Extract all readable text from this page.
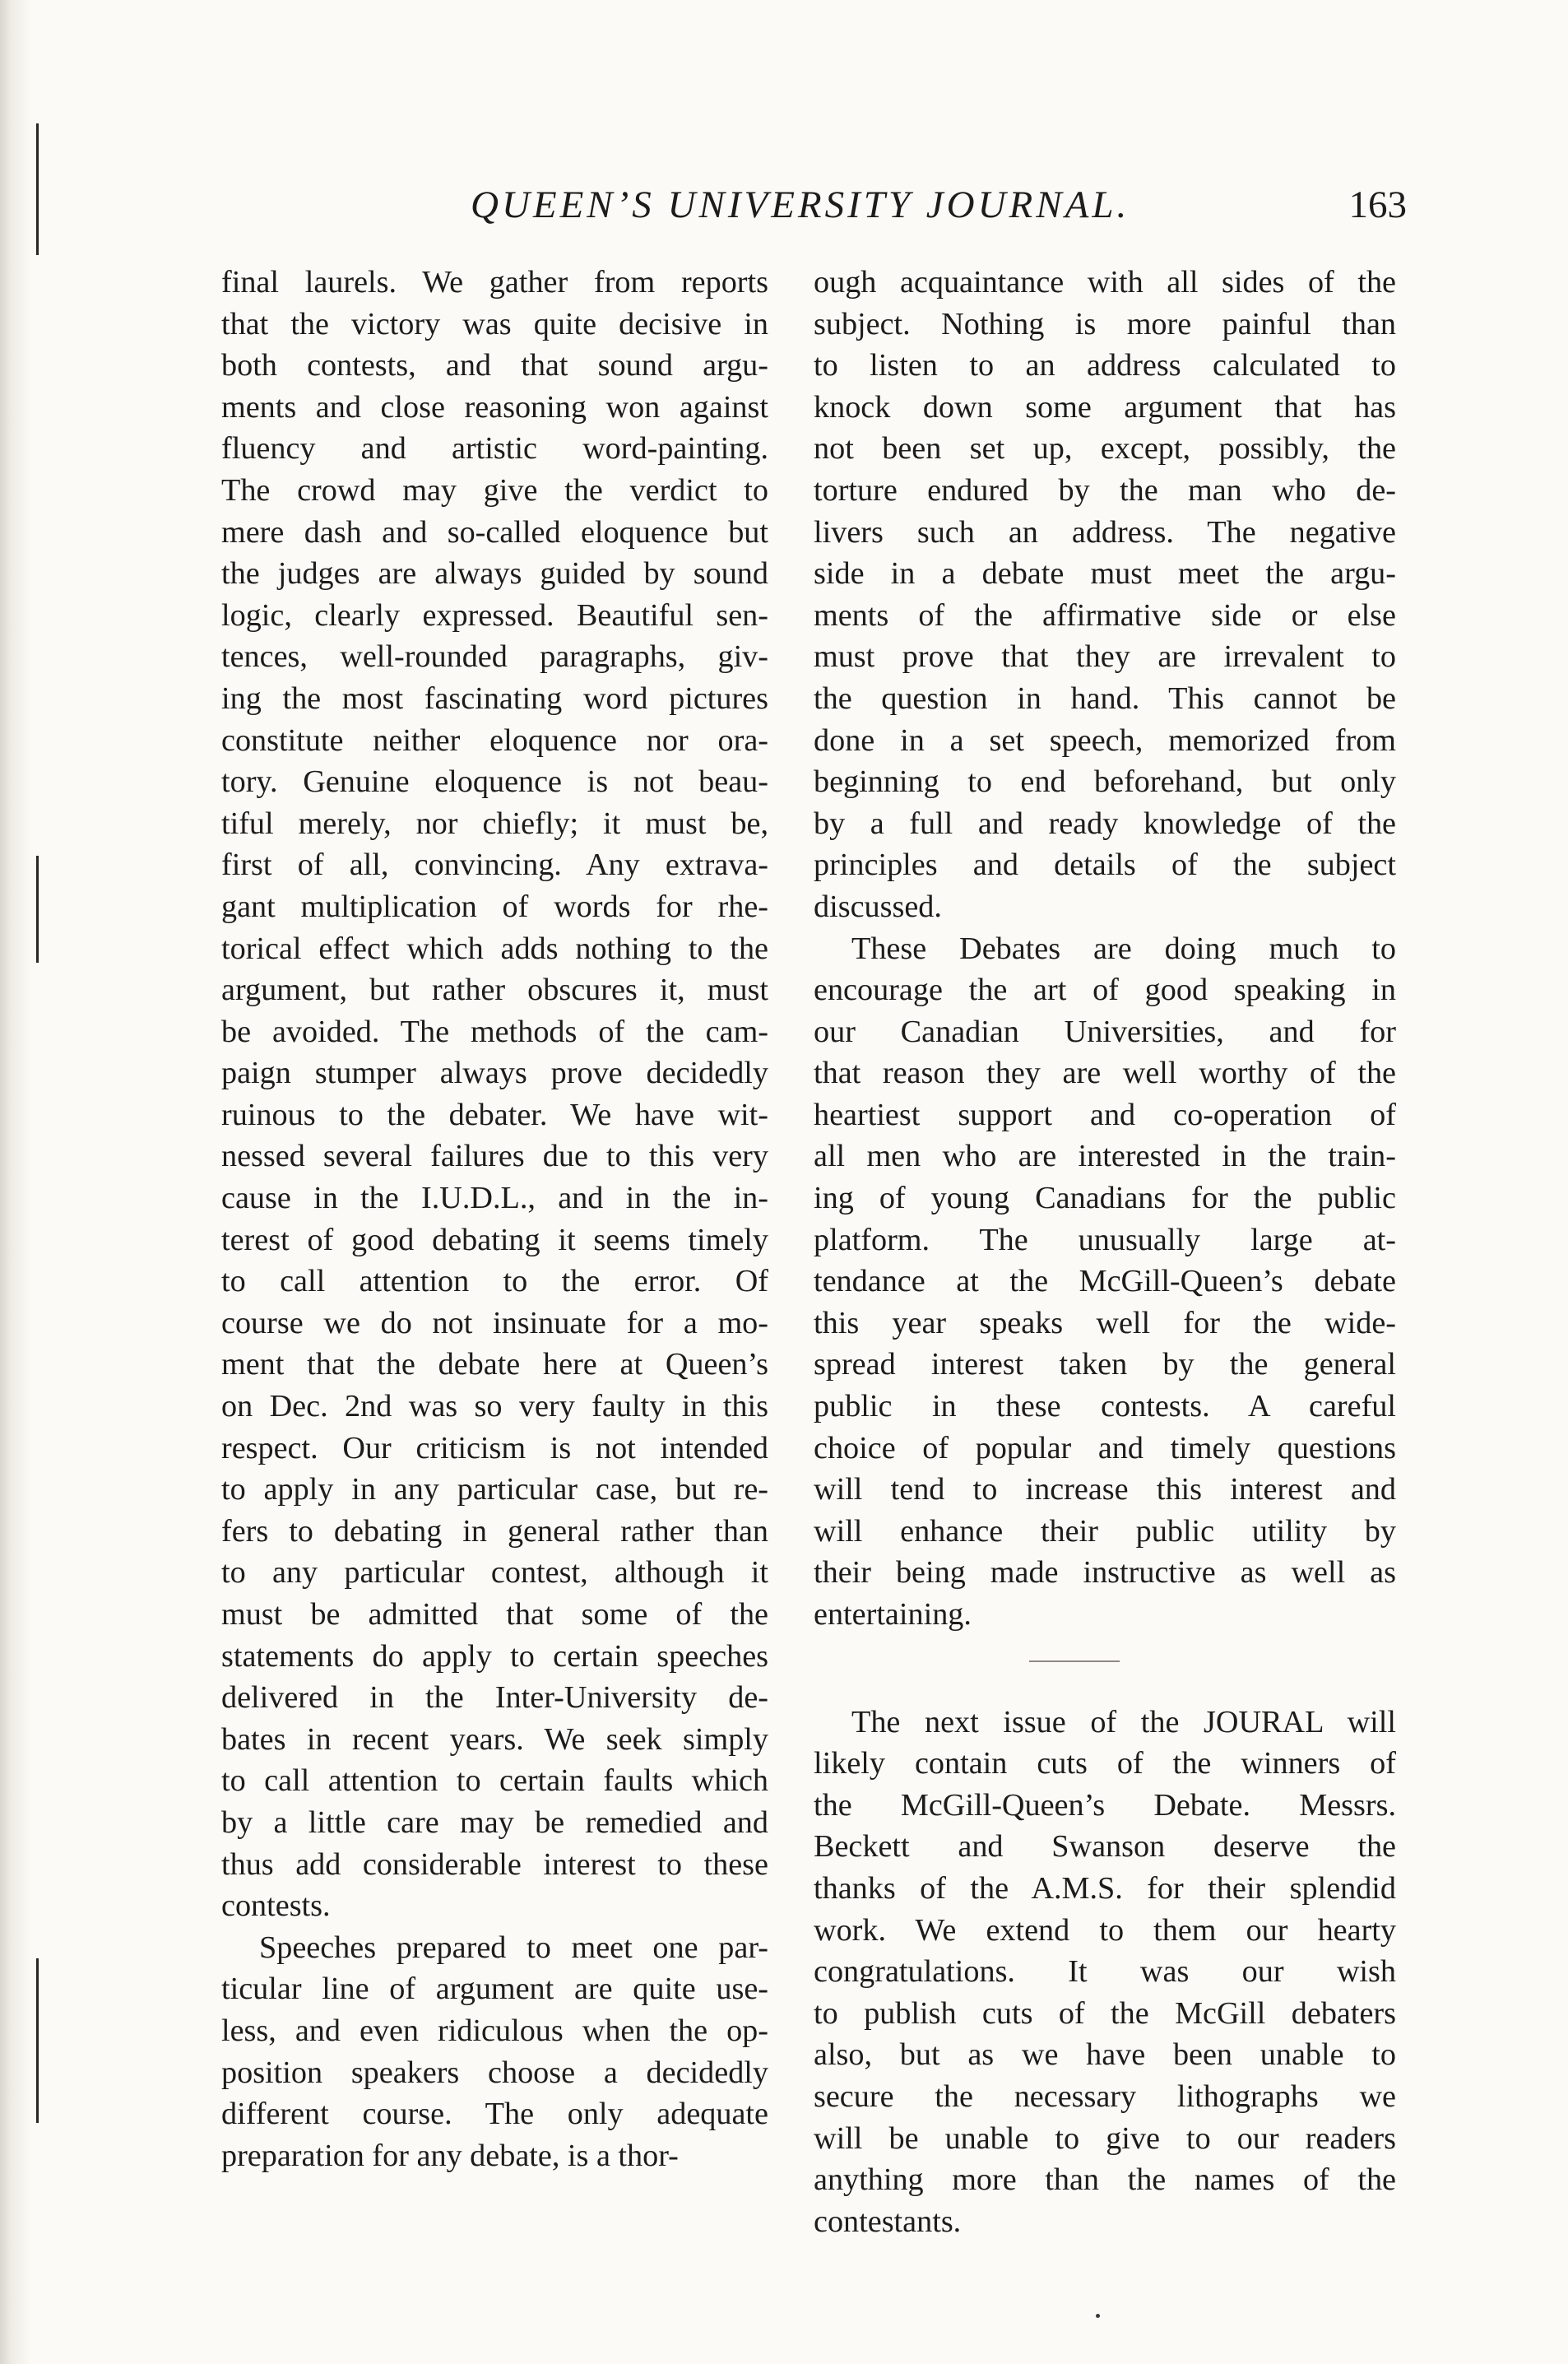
QUEEN’S UNIVERSITY JOURNAL.	163
final laurels. We gather from reports
that the victory was quite decisive in
both contests, and that sound argu-
ments and close reasoning won against
fluency and artistic word-painting.
The crowd may give the verdict to
mere dash and so-called eloquence but
the judges are always guided by sound
logic, clearly expressed. Beautiful sen-
tences, well-rounded paragraphs, giv-
ing the most fascinating word pictures
constitute neither eloquence nor ora-
tory. Genuine eloquence is not beau-
tiful merely, nor chiefly; it must be,
first of all, convincing. Any extrava-
gant multiplication of words for rhe-
torical effect which adds nothing to the
argument, but rather obscures it, must
be avoided. The methods of the cam-
paign stumper always prove decidedly
ruinous to the debater. We have wit-
nessed several failures due to this very
cause in the I.U.D.L., and in the in-
terest of good debating it seems timely
to call attention to the error. Of
course we do not insinuate for a mo-
ment that the debate here at Queen’s
on Dec. 2nd was so very faulty in this
respect. Our criticism is not intended
to apply in any particular case, but re-
fers to debating in general rather than
to any particular contest, although it
must be admitted that some of the
statements do apply to certain speeches
delivered in the Inter-University de-
bates in recent years. We seek simply
to call attention to certain faults which
by a little care may be remedied and
thus add considerable interest to these
contests.
Speeches prepared to meet one par-
ticular line of argument are quite use-
less, and even ridiculous when the op-
position speakers choose a decidedly
different course. The only adequate
preparation for any debate, is a thor-
ough acquaintance with all sides of the
subject. Nothing is more painful than
to listen to an address calculated to
knock down some argument that has
not been set up, except, possibly, the
torture endured by the man who de-
livers such an address. The negative
side in a debate must meet the argu-
ments of the affirmative side or else
must prove that they are irrevalent to
the question in hand. This cannot be
done in a set speech, memorized from
beginning to end beforehand, but only
by a full and ready knowledge of the
principles and details of the subject
discussed.
These Debates are doing much to
encourage the art of good speaking in
our Canadian Universities, and for
that reason they are well worthy of the
heartiest support and co-operation of
all men who are interested in the train-
ing of young Canadians for the public
platform. The unusually large at-
tendance at the McGill-Queen’s debate
this year speaks well for the wide-
spread interest taken by the general
public in these contests. A careful
choice of popular and timely questions
will tend to increase this interest and
will enhance their public utility by
their being made instructive as well as
entertaining.
The next issue of the JOURAL will
likely contain cuts of the winners of
the McGill-Queen’s Debate. Messrs.
Beckett and Swanson deserve the
thanks of the A.M.S. for their splendid
work. We extend to them our hearty
congratulations. It was our wish
to publish cuts of the McGill debaters
also, but as we have been unable to
secure the necessary lithographs we
will be unable to give to our readers
anything more than the names of the
contestants.
